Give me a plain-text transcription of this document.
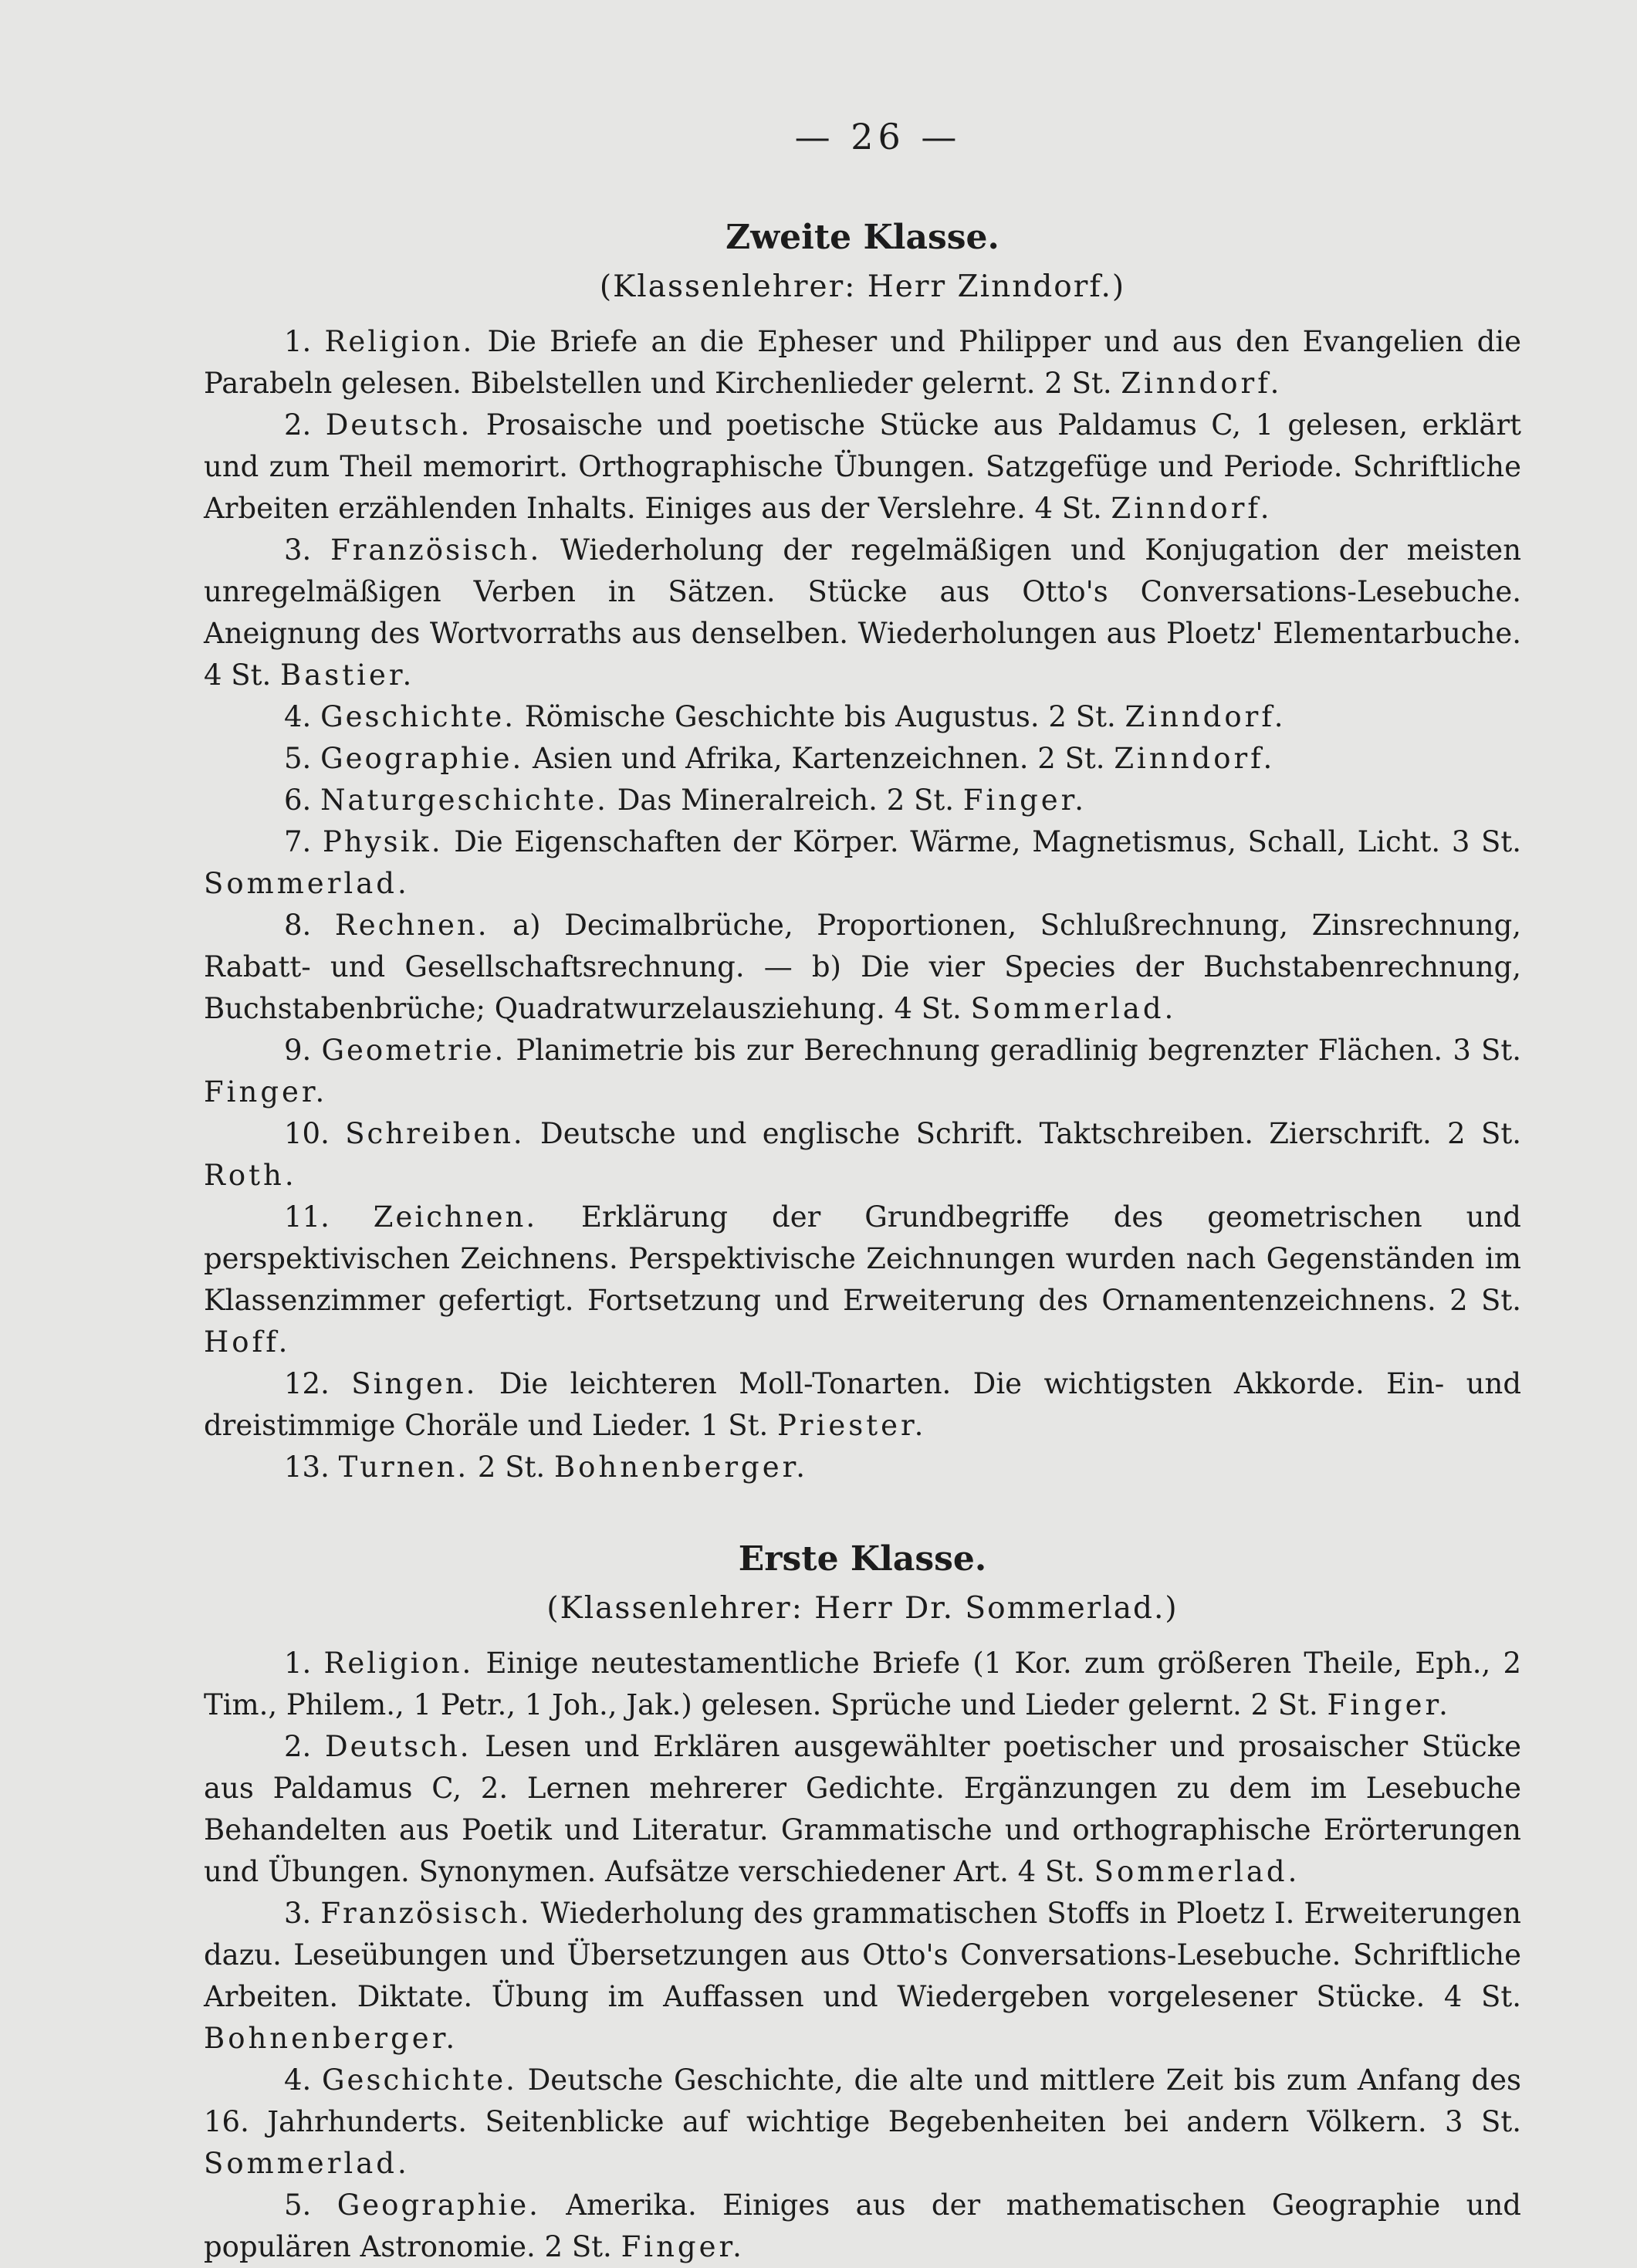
— 26 —
Zweite Klasse.
(Klassenlehrer: Herr Zinndorf.)

1. Religion. Die Briefe an die Epheser und Philipper und aus den Evangelien die Parabeln gelesen. Bibelstellen und Kirchenlieder gelernt. 2 St. Zinndorf.

2. Deutsch. Prosaische und poetische Stücke aus Paldamus C, 1 gelesen, erklärt und zum Theil memorirt. Orthographische Übungen. Satzgefüge und Periode. Schriftliche Arbeiten erzählenden Inhalts. Einiges aus der Verslehre. 4 St. Zinndorf.

3. Französisch. Wiederholung der regelmäßigen und Konjugation der meisten unregelmäßigen Verben in Sätzen. Stücke aus Otto's Conversations-Lesebuche. Aneignung des Wortvorraths aus denselben. Wiederholungen aus Ploetz' Elementarbuche. 4 St. Bastier.

4. Geschichte. Römische Geschichte bis Augustus. 2 St. Zinndorf.

5. Geographie. Asien und Afrika, Kartenzeichnen. 2 St. Zinndorf.

6. Naturgeschichte. Das Mineralreich. 2 St. Finger.

7. Physik. Die Eigenschaften der Körper. Wärme, Magnetismus, Schall, Licht. 3 St. Sommerlad.

8. Rechnen. a) Decimalbrüche, Proportionen, Schlußrechnung, Zinsrechnung, Rabatt- und Gesellschaftsrechnung. — b) Die vier Species der Buchstabenrechnung, Buchstabenbrüche; Quadratwurzelausziehung. 4 St. Sommerlad.

9. Geometrie. Planimetrie bis zur Berechnung geradlinig begrenzter Flächen. 3 St. Finger.

10. Schreiben. Deutsche und englische Schrift. Taktschreiben. Zierschrift. 2 St. Roth.

11. Zeichnen. Erklärung der Grundbegriffe des geometrischen und perspektivischen Zeichnens. Perspektivische Zeichnungen wurden nach Gegenständen im Klassenzimmer gefertigt. Fortsetzung und Erweiterung des Ornamentenzeichnens. 2 St. Hoff.

12. Singen. Die leichteren Moll-Tonarten. Die wichtigsten Akkorde. Ein- und dreistimmige Choräle und Lieder. 1 St. Priester.

13. Turnen. 2 St. Bohnenberger.

Erste Klasse.
(Klassenlehrer: Herr Dr. Sommerlad.)

1. Religion. Einige neutestamentliche Briefe (1 Kor. zum größeren Theile, Eph., 2 Tim., Philem., 1 Petr., 1 Joh., Jak.) gelesen. Sprüche und Lieder gelernt. 2 St. Finger.

2. Deutsch. Lesen und Erklären ausgewählter poetischer und prosaischer Stücke aus Paldamus C, 2. Lernen mehrerer Gedichte. Ergänzungen zu dem im Lesebuche Behandelten aus Poetik und Literatur. Grammatische und orthographische Erörterungen und Übungen. Synonymen. Aufsätze verschiedener Art. 4 St. Sommerlad.

3. Französisch. Wiederholung des grammatischen Stoffs in Ploetz I. Erweiterungen dazu. Leseübungen und Übersetzungen aus Otto's Conversations-Lesebuche. Schriftliche Arbeiten. Diktate. Übung im Auffassen und Wiedergeben vorgelesener Stücke. 4 St. Bohnenberger.

4. Geschichte. Deutsche Geschichte, die alte und mittlere Zeit bis zum Anfang des 16. Jahrhunderts. Seitenblicke auf wichtige Begebenheiten bei andern Völkern. 3 St. Sommerlad.

5. Geographie. Amerika. Einiges aus der mathematischen Geographie und populären Astronomie. 2 St. Finger.
